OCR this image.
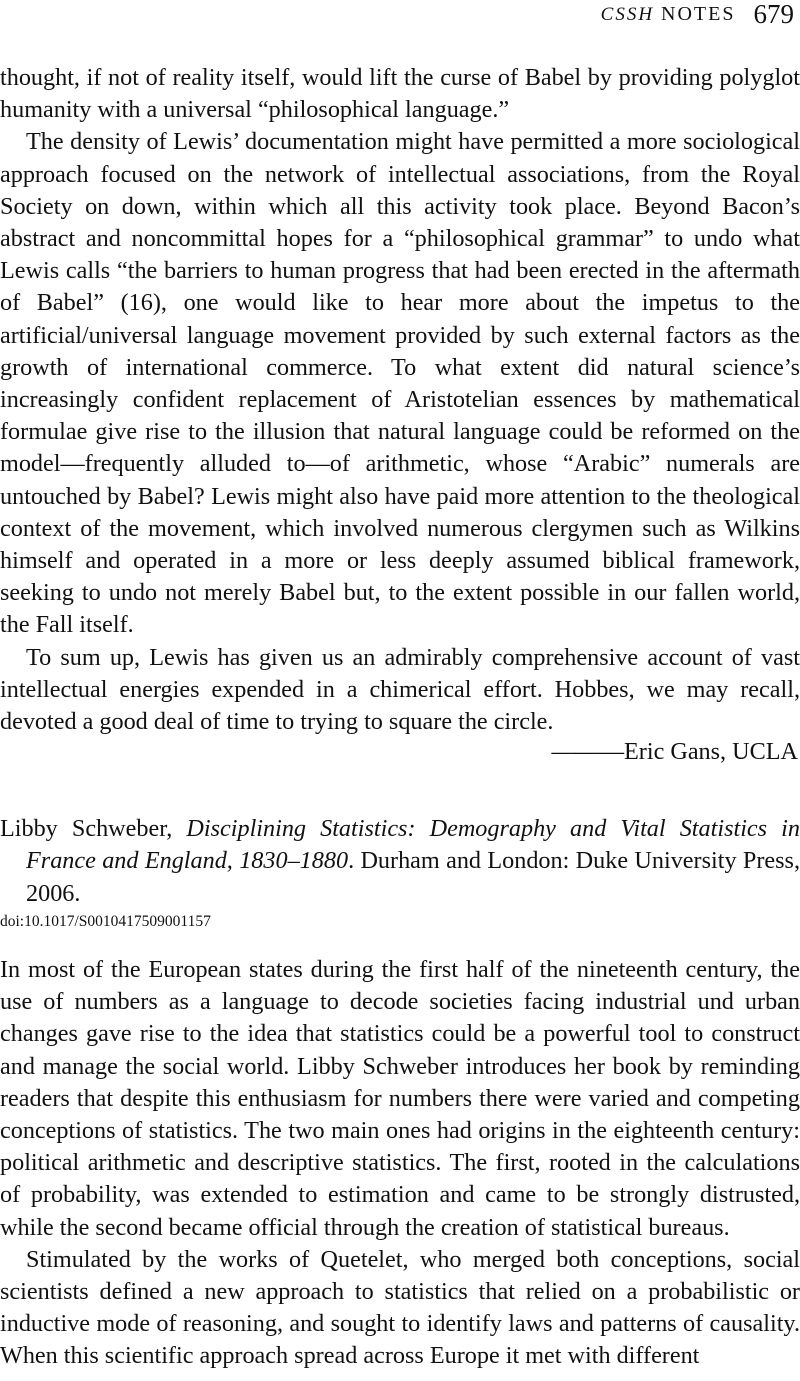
CSSH NOTES 679

thought, if not of reality itself, would lift the curse of Babel by providing polyglot humanity with a universal “philosophical language.”

The density of Lewis’ documentation might have permitted a more sociological approach focused on the network of intellectual associations, from the Royal Society on down, within which all this activity took place. Beyond Bacon’s abstract and noncommittal hopes for a “philosophical grammar” to undo what Lewis calls “the barriers to human progress that had been erected in the aftermath of Babel” (16), one would like to hear more about the impetus to the artificial/universal language movement provided by such external factors as the growth of international commerce. To what extent did natural science’s increasingly confident replacement of Aristotelian essences by mathematical formulae give rise to the illusion that natural language could be reformed on the model—frequently alluded to—of arithmetic, whose “Arabic” numerals are untouched by Babel? Lewis might also have paid more attention to the theological context of the movement, which involved numerous clergymen such as Wilkins himself and operated in a more or less deeply assumed biblical framework, seeking to undo not merely Babel but, to the extent possible in our fallen world, the Fall itself.

To sum up, Lewis has given us an admirably comprehensive account of vast intellectual energies expended in a chimerical effort. Hobbes, we may recall, devoted a good deal of time to trying to square the circle.

———Eric Gans, UCLA

Libby Schweber, Disciplining Statistics: Demography and Vital Statistics in France and England, 1830–1880. Durham and London: Duke University Press, 2006.

doi:10.1017/S0010417509001157

In most of the European states during the first half of the nineteenth century, the use of numbers as a language to decode societies facing industrial und urban changes gave rise to the idea that statistics could be a powerful tool to construct and manage the social world. Libby Schweber introduces her book by reminding readers that despite this enthusiasm for numbers there were varied and competing conceptions of statistics. The two main ones had origins in the eighteenth century: political arithmetic and descriptive statistics. The first, rooted in the calculations of probability, was extended to estimation and came to be strongly distrusted, while the second became official through the creation of statistical bureaus.

Stimulated by the works of Quetelet, who merged both conceptions, social scientists defined a new approach to statistics that relied on a probabilistic or inductive mode of reasoning, and sought to identify laws and patterns of causality. When this scientific approach spread across Europe it met with different
